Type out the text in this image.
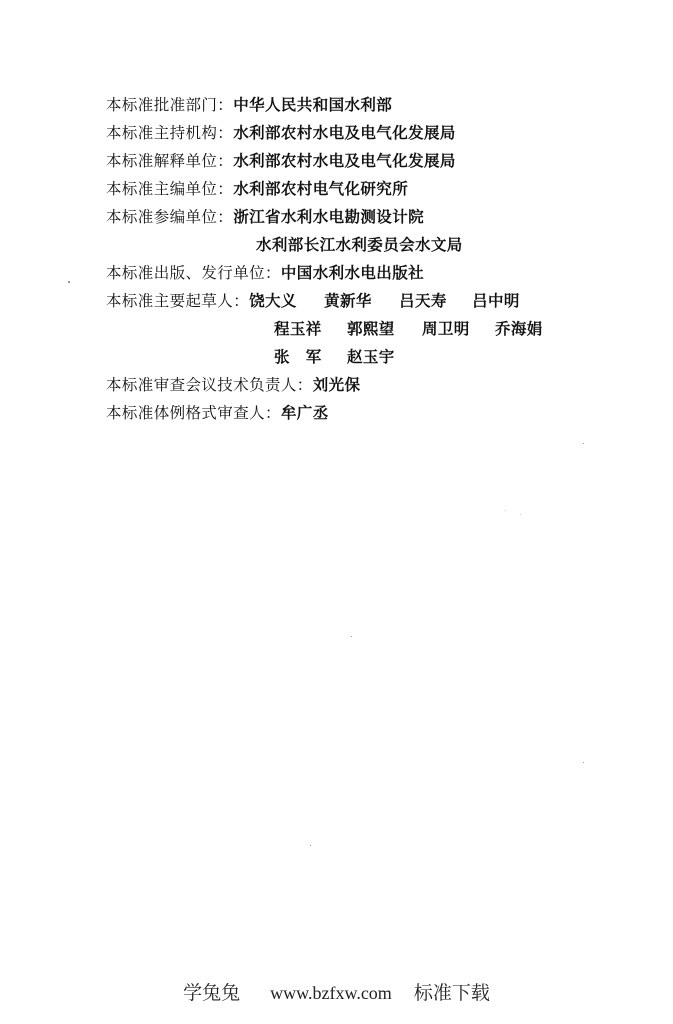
本标准批准部门：中华人民共和国水利部
本标准主持机构：水利部农村水电及电气化发展局
本标准解释单位：水利部农村水电及电气化发展局
本标准主编单位：水利部农村电气化研究所
本标准参编单位：浙江省水利水电勘测设计院
水利部长江水利委员会水文局
本标准出版、发行单位：中国水利水电出版社
本标准主要起草人：饶大义 黄新华 吕天寿 吕中明
程玉祥 郭熙望 周卫明 乔海娟
张　军 赵玉宇
本标准审查会议技术负责人：刘光保
本标准体例格式审查人：牟广丞
学兔兔 www.bzfxw.com 标准下载
